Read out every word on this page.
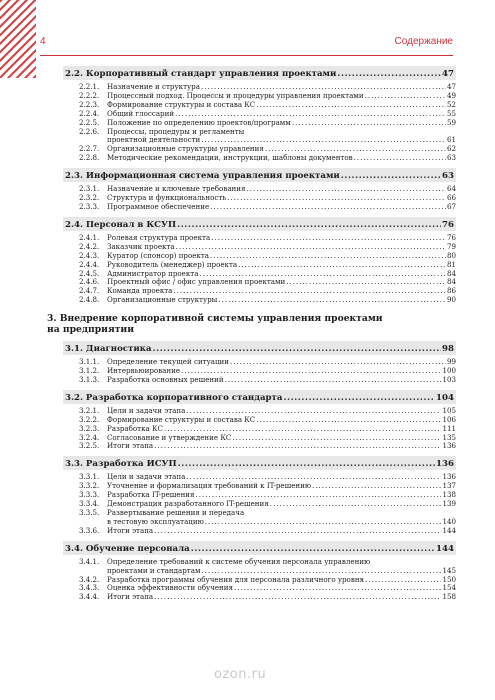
4	Содержание
2.2. Корпоративный стандарт управления проектами .....	47
2.2.1. Назначение и структура .....	47
2.2.2. Процессный подход. Процессы и процедуры управления проектами .....	49
2.2.3. Формирование структуры и состава КС .....	52
2.2.4. Общий глоссарий .....	55
2.2.5. Положение по определению проектов/программ .....	59
2.2.6. Процессы, процедуры и регламенты
проектной деятельности .....	61
2.2.7. Организационные структуры управления .....	62
2.2.8. Методические рекомендации, инструкции, шаблоны документов .....	63
2.3. Информационная система управления проектами .....	63
2.3.1. Назначение и ключевые требования .....	64
2.3.2. Структура и функциональность .....	66
2.3.3. Программное обеспечение .....	67
2.4. Персонал в КСУП .....	76
2.4.1. Ролевая структура проекта .....	76
2.4.2. Заказчик проекта .....	79
2.4.3. Куратор (спонсор) проекта .....	80
2.4.4. Руководитель (менеджер) проекта .....	81
2.4.5. Администратор проекта .....	84
2.4.6. Проектный офис / офис управления проектами .....	84
2.4.7. Команда проекта .....	86
2.4.8. Организационные структуры .....	90
3. Внедрение корпоративной системы управления проектами
на предприятии
3.1. Диагностика .....	98
3.1.1. Определение текущей ситуации .....	99
3.1.2. Интервьюирование .....	100
3.1.3. Разработка основных решений .....	103
3.2. Разработка корпоративного стандарта .....	104
3.2.1. Цели и задачи этапа .....	105
3.2.2. Формирование структуры и состава КС .....	106
3.2.3. Разработка КС .....	111
3.2.4. Согласование и утверждение КС .....	135
3.2.5. Итоги этапа .....	136
3.3. Разработка ИСУП .....	136
3.3.1. Цели и задачи этапа .....	136
3.3.2. Уточнение и формализация требований к IT-решению .....	137
3.3.3. Разработка IT-решения .....	138
3.3.4. Демонстрация разработанного IT-решения .....	139
3.3.5. Развертывание решения и передача
в тестовую эксплуатацию .....	140
3.3.6. Итоги этапа .....	144
3.4. Обучение персонала .....	144
3.4.1. Определение требований к системе обучения персонала управлению
проектами и стандартам .....	145
3.4.2. Разработка программы обучения для персонала различного уровня .....	150
3.4.3. Оценка эффективности обучения .....	154
3.4.4. Итоги этапа .....	158
ozon.ru
